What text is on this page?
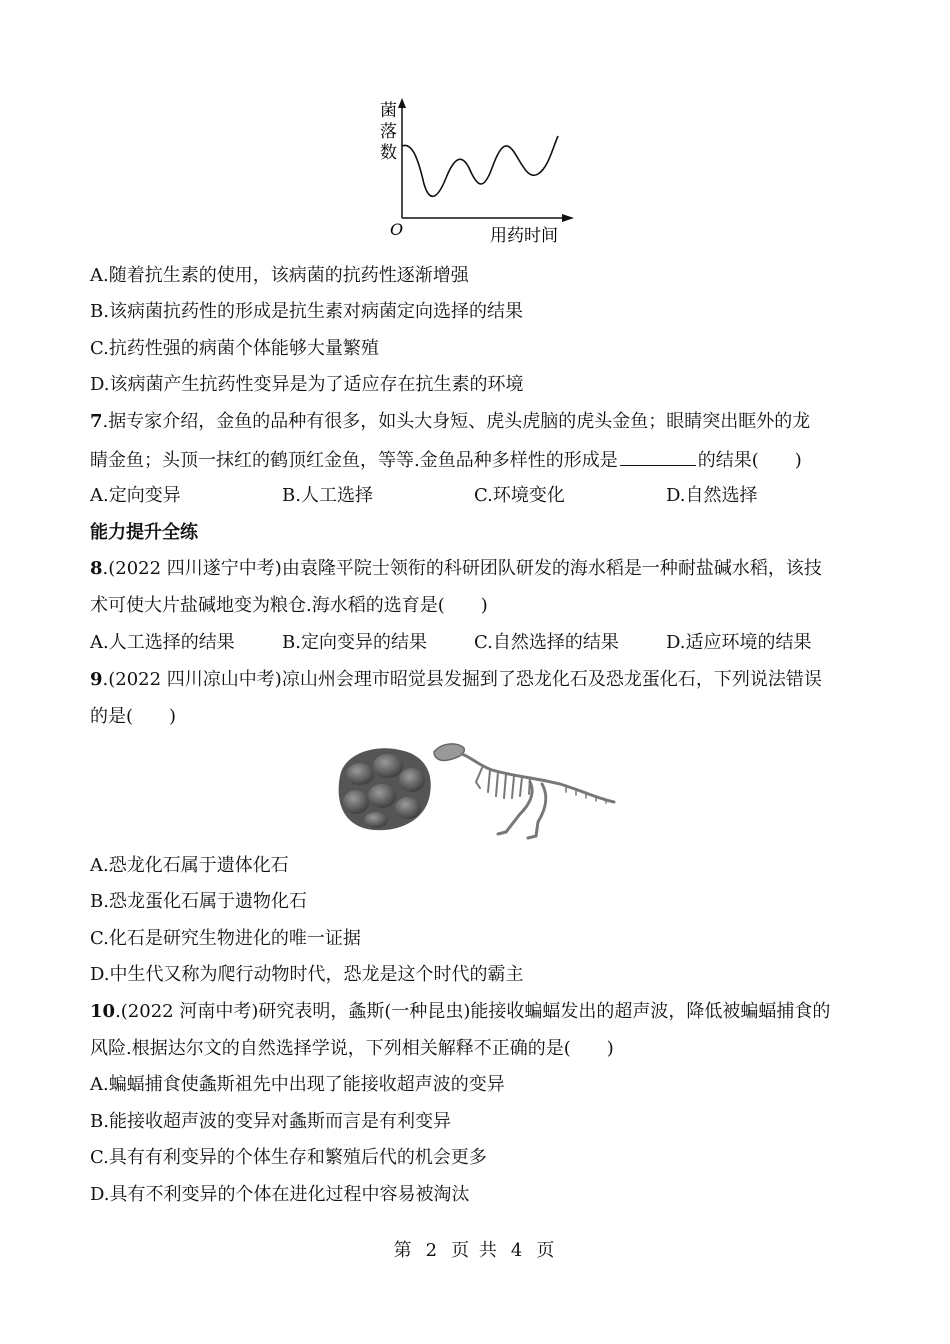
菌
落
数
O	用药时间
A.随着抗生素的使用，该病菌的抗药性逐渐增强
B.该病菌抗药性的形成是抗生素对病菌定向选择的结果
C.抗药性强的病菌个体能够大量繁殖
D.该病菌产生抗药性变异是为了适应存在抗生素的环境
7.据专家介绍，金鱼的品种有很多，如头大身短、虎头虎脑的虎头金鱼；眼睛突出眶外的龙
睛金鱼；头顶一抹红的鹤顶红金鱼，等等.金鱼品种多样性的形成是	的结果(　　)
A.定向变异	B.人工选择	C.环境变化	D.自然选择
能力提升全练
8.(2022 四川遂宁中考)由袁隆平院士领衔的科研团队研发的海水稻是一种耐盐碱水稻，该技
术可使大片盐碱地变为粮仓.海水稻的选育是(　　)
A.人工选择的结果	B.定向变异的结果	C.自然选择的结果	D.适应环境的结果
9.(2022 四川凉山中考)凉山州会理市昭觉县发掘到了恐龙化石及恐龙蛋化石，下列说法错误
的是(　　)
A.恐龙化石属于遗体化石
B.恐龙蛋化石属于遗物化石
C.化石是研究生物进化的唯一证据
D.中生代又称为爬行动物时代，恐龙是这个时代的霸主
10.(2022 河南中考)研究表明，螽斯(一种昆虫)能接收蝙蝠发出的超声波，降低被蝙蝠捕食的
风险.根据达尔文的自然选择学说，下列相关解释不正确的是(　　)
A.蝙蝠捕食使螽斯祖先中出现了能接收超声波的变异
B.能接收超声波的变异对螽斯而言是有利变异
C.具有有利变异的个体生存和繁殖后代的机会更多
D.具有不利变异的个体在进化过程中容易被淘汰
第 2 页 共 4 页
